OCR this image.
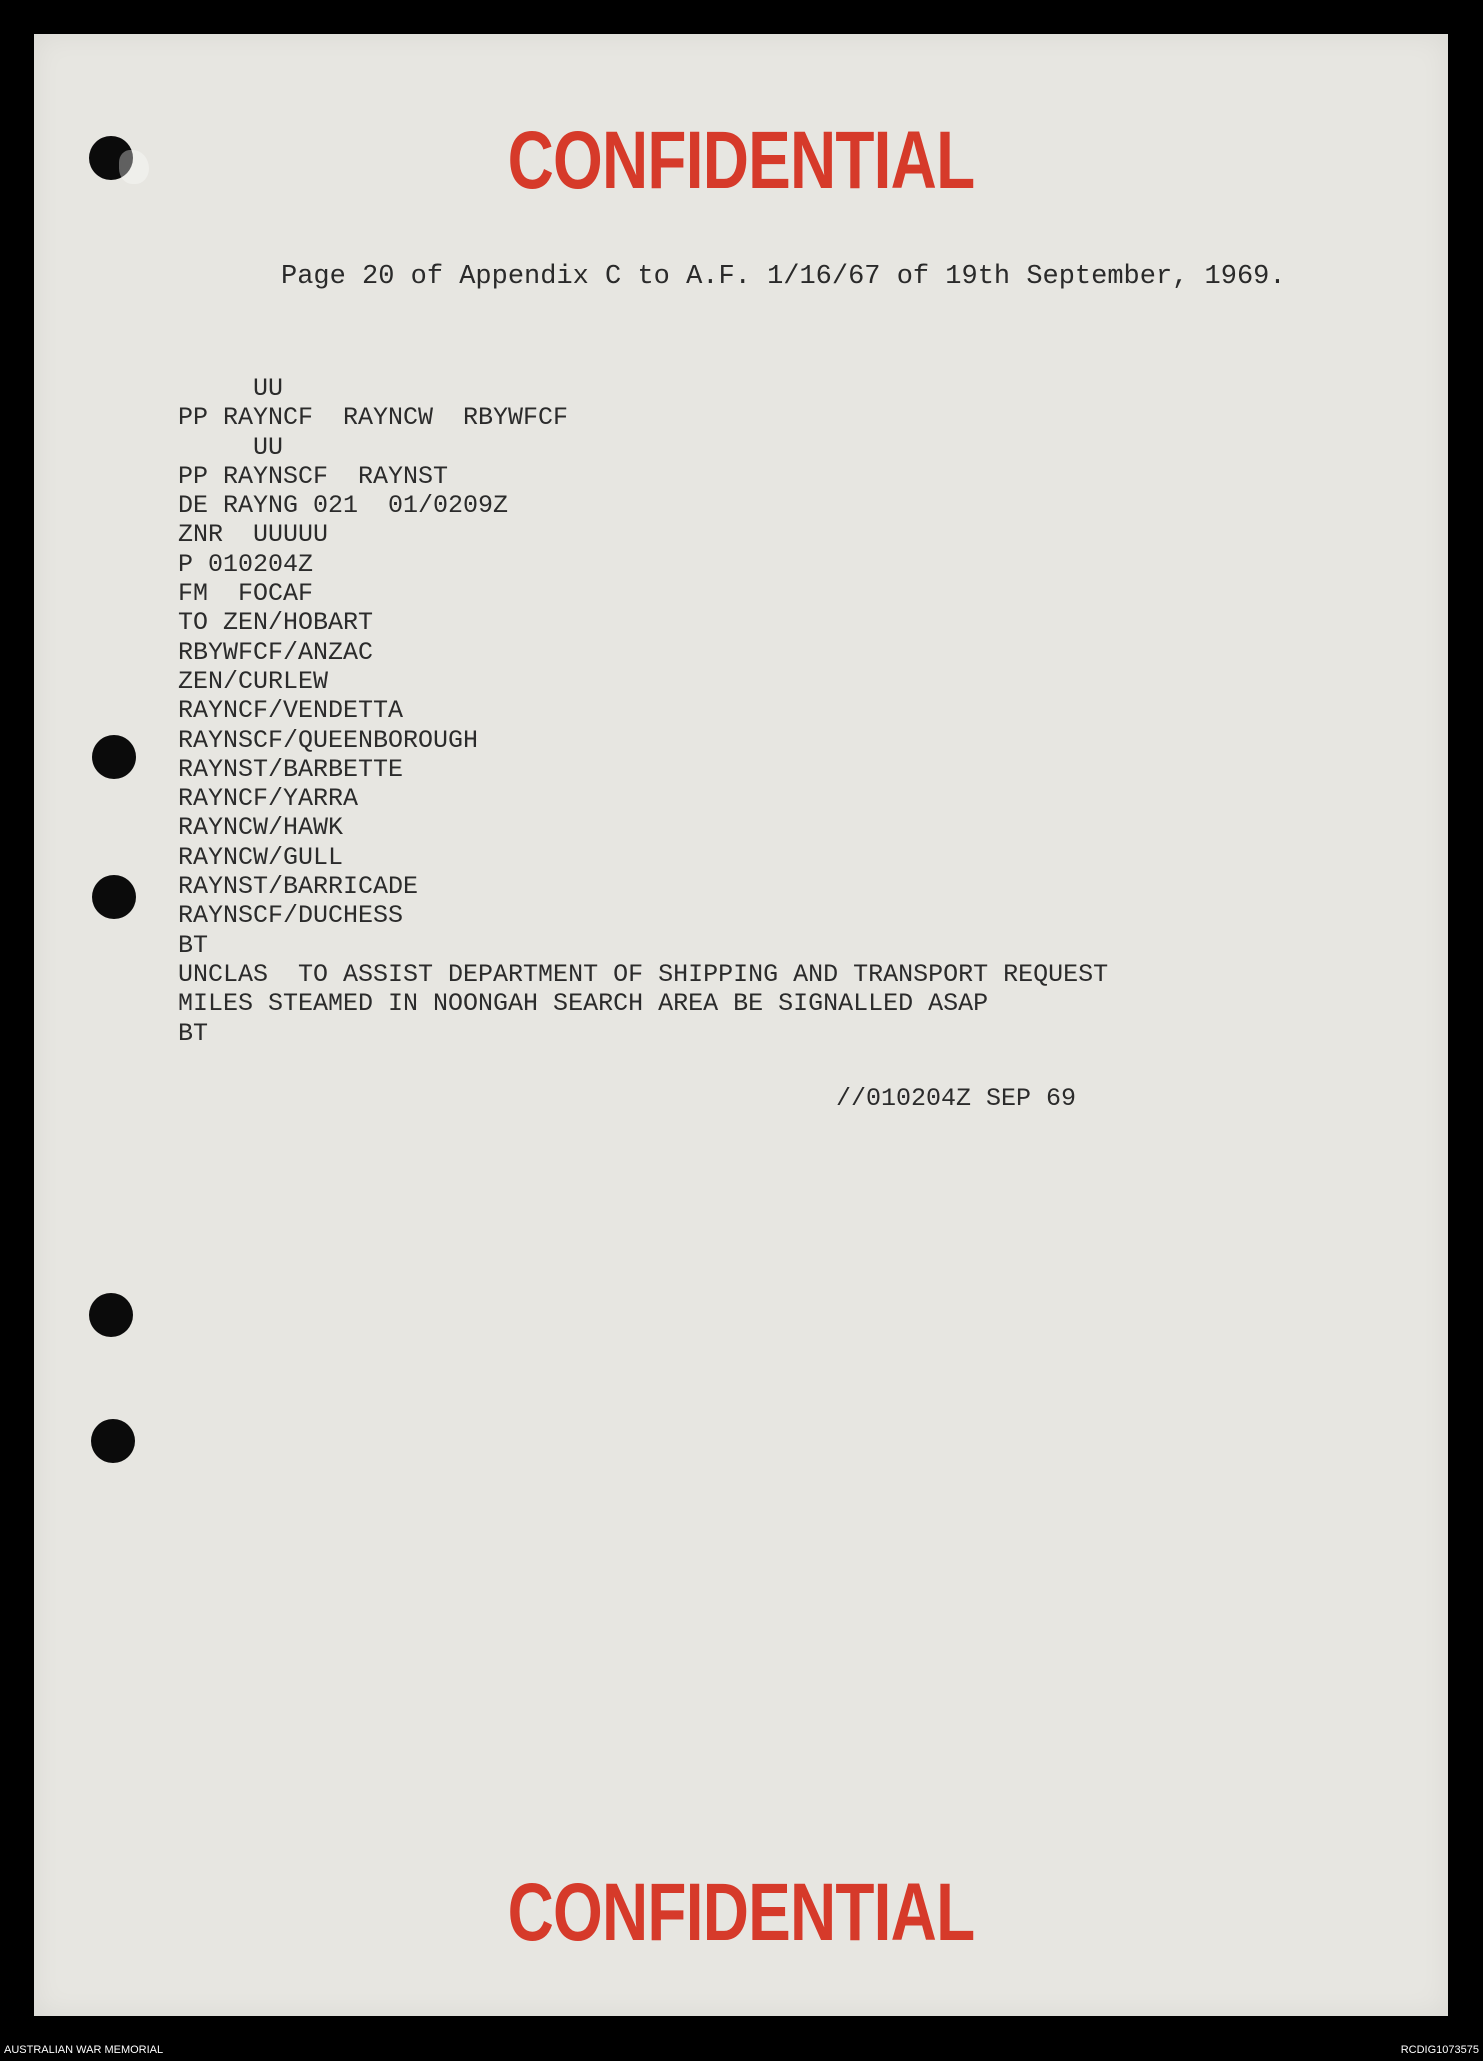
CONFIDENTIAL

Page 20 of Appendix C to A.F. 1/16/67 of 19th September, 1969.

UU
PP RAYNCF  RAYNCW  RBYWFCF
UU
PP RAYNSCF  RAYNST
DE RAYNG 021  01/0209Z
ZNR  UUUUU
P 010204Z
FM  FOCAF
TO ZEN/HOBART
RBYWFCF/ANZAC
ZEN/CURLEW
RAYNCF/VENDETTA
RAYNSCF/QUEENBOROUGH
RAYNST/BARBETTE
RAYNCF/YARRA
RAYNCW/HAWK
RAYNCW/GULL
RAYNST/BARRICADE
RAYNSCF/DUCHESS
BT
UNCLAS  TO ASSIST DEPARTMENT OF SHIPPING AND TRANSPORT REQUEST
MILES STEAMED IN NOONGAH SEARCH AREA BE SIGNALLED ASAP
BT

//010204Z SEP 69

CONFIDENTIAL

AUSTRALIAN WAR MEMORIAL	RCDIG1073575
